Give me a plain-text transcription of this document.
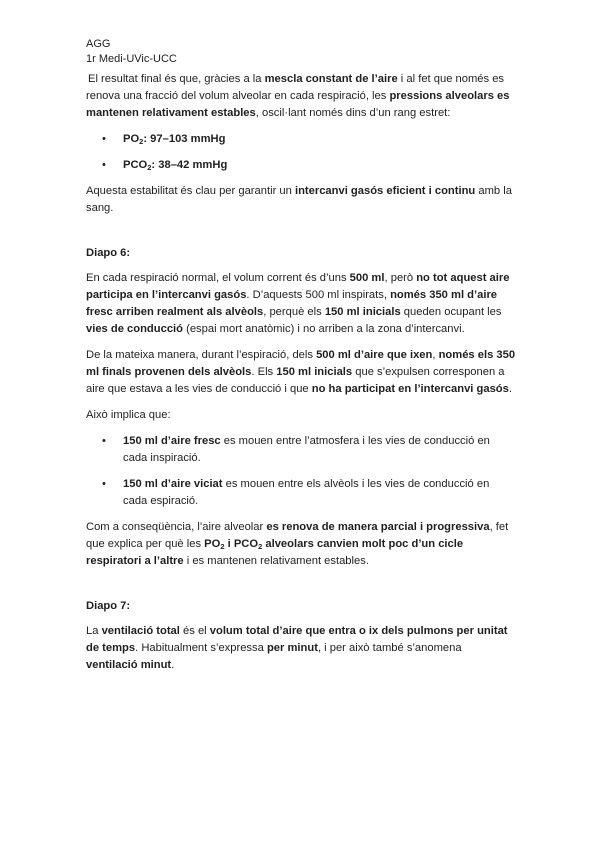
AGG
1r Medi-UVic-UCC

El resultat final és que, gràcies a la mescla constant de l’aire i al fet que només es renova una fracció del volum alveolar en cada respiració, les pressions alveolars es mantenen relativament estables, oscil·lant només dins d’un rang estret:

• $PO_2$: 97–103 mmHg
• $PCO_2$: 38–42 mmHg

Aquesta estabilitat és clau per garantir un intercanvi gasós eficient i continu amb la sang.

Diapo 6:

En cada respiració normal, el volum corrent és d’uns 500 ml, però no tot aquest aire participa en l’intercanvi gasós. D’aquests 500 ml inspirats, només 350 ml d’aire fresc arriben realment als alvèols, perquè els 150 ml inicials queden ocupant les vies de conducció (espai mort anatòmic) i no arriben a la zona d’intercanvi.

De la mateixa manera, durant l’espiració, dels 500 ml d’aire que ixen, només els 350 ml finals provenen dels alvèols. Els 150 ml inicials que s’expulsen corresponen a aire que estava a les vies de conducció i que no ha participat en l’intercanvi gasós.

Això implica que:

• 150 ml d’aire fresc es mouen entre l’atmosfera i les vies de conducció en cada inspiració.
• 150 ml d’aire viciat es mouen entre els alvèols i les vies de conducció en cada espiració.

Com a conseqüència, l’aire alveolar es renova de manera parcial i progressiva, fet que explica per què les $PO_2$ i $PCO_2$ alveolars canvien molt poc d’un cicle respiratori a l’altre i es mantenen relativament estables.

Diapo 7:

La ventilació total és el volum total d’aire que entra o ix dels pulmons per unitat de temps. Habitualment s’expressa per minut, i per això també s’anomena ventilació minut.
